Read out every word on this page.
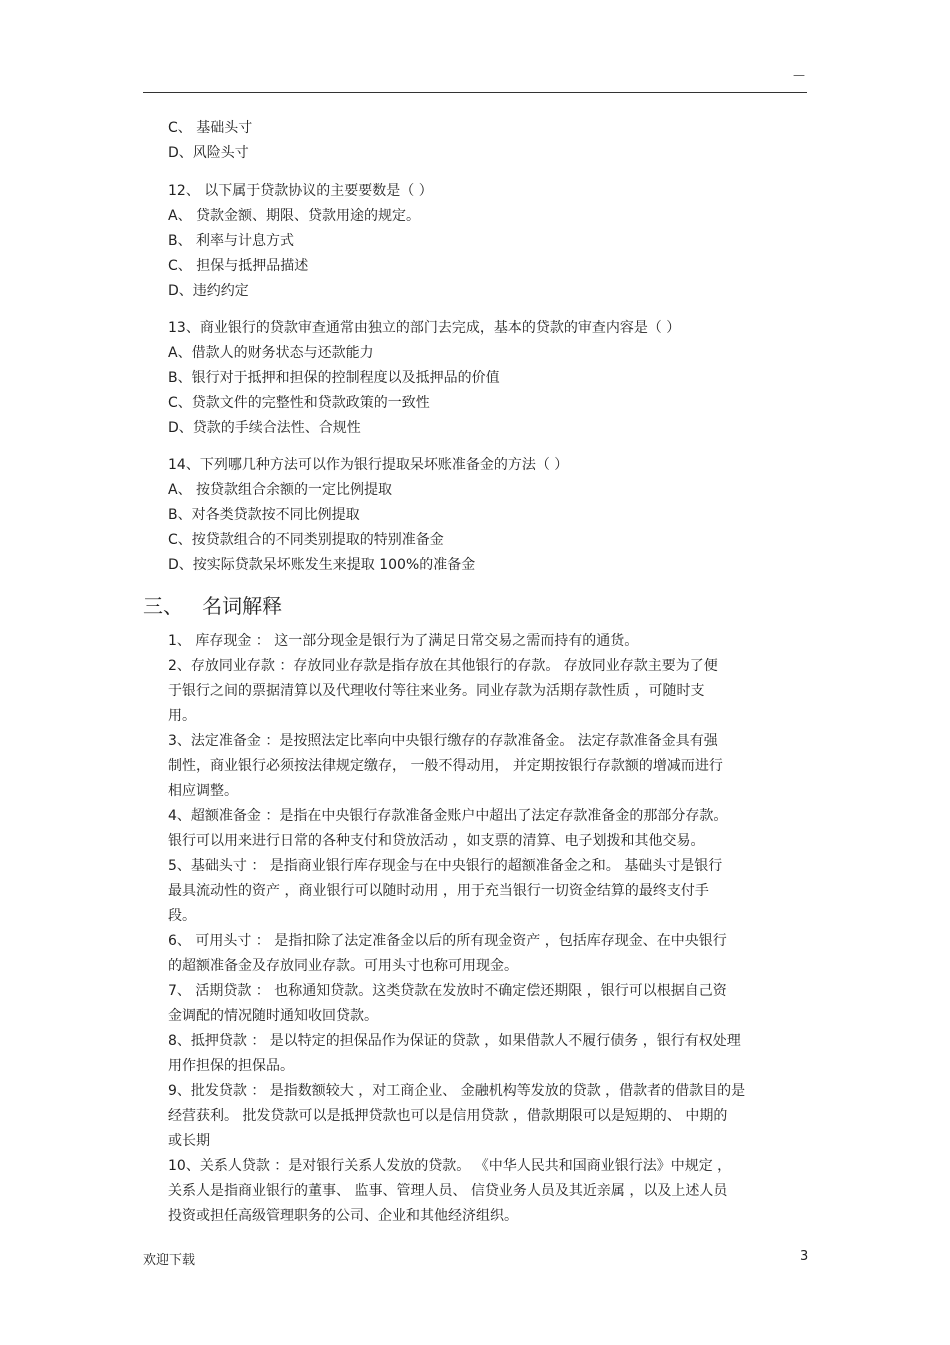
—
C、 基础头寸
D、风险头寸
12、 以下属于贷款协议的主要要数是（ ）
A、 贷款金额、期限、贷款用途的规定。
B、 利率与计息方式
C、 担保与抵押品描述
D、违约约定
13、商业银行的贷款审查通常由独立的部门去完成，基本的贷款的审查内容是（ ）
A、借款人的财务状态与还款能力
B、银行对于抵押和担保的控制程度以及抵押品的价值
C、贷款文件的完整性和贷款政策的一致性
D、贷款的手续合法性、合规性
14、下列哪几种方法可以作为银行提取呆坏账准备金的方法（ ）
A、 按贷款组合余额的一定比例提取
B、对各类贷款按不同比例提取
C、按贷款组合的不同类别提取的特别准备金
D、按实际贷款呆坏账发生来提取 100%的准备金
三、   名词解释
1、 库存现金 ： 这一部分现金是银行为了满足日常交易之需而持有的通货。
2、存放同业存款 ：存放同业存款是指存放在其他银行的存款。 存放同业存款主要为了便
于银行之间的票据清算以及代理收付等往来业务。同业存款为活期存款性质 ，可随时支
用。
3、法定准备金 ：是按照法定比率向中央银行缴存的存款准备金。 法定存款准备金具有强
制性，商业银行必须按法律规定缴存， 一般不得动用， 并定期按银行存款额的增减而进行
相应调整。
4、超额准备金 ：是指在中央银行存款准备金账户中超出了法定存款准备金的那部分存款。
银行可以用来进行日常的各种支付和贷放活动 ，如支票的清算、电子划拨和其他交易。
5、基础头寸 ： 是指商业银行库存现金与在中央银行的超额准备金之和。 基础头寸是银行
最具流动性的资产 ，商业银行可以随时动用 ，用于充当银行一切资金结算的最终支付手
段。
6、 可用头寸 ： 是指扣除了法定准备金以后的所有现金资产 ，包括库存现金、在中央银行
的超额准备金及存放同业存款。可用头寸也称可用现金。
7、 活期贷款 ： 也称通知贷款。这类贷款在发放时不确定偿还期限 ，银行可以根据自己资
金调配的情况随时通知收回贷款。
8、抵押贷款 ： 是以特定的担保品作为保证的贷款 ，如果借款人不履行债务 ，银行有权处理
用作担保的担保品。
9、批发贷款 ： 是指数额较大 ，对工商企业、 金融机构等发放的贷款 ，借款者的借款目的是
经营获利。 批发贷款可以是抵押贷款也可以是信用贷款 ，借款期限可以是短期的、 中期的
或长期
10、关系人贷款 ：是对银行关系人发放的贷款。 《中华人民共和国商业银行法》中规定 ，
关系人是指商业银行的董事、 监事、管理人员、 信贷业务人员及其近亲属 ，以及上述人员
投资或担任高级管理职务的公司、企业和其他经济组织。
欢迎下载	3
